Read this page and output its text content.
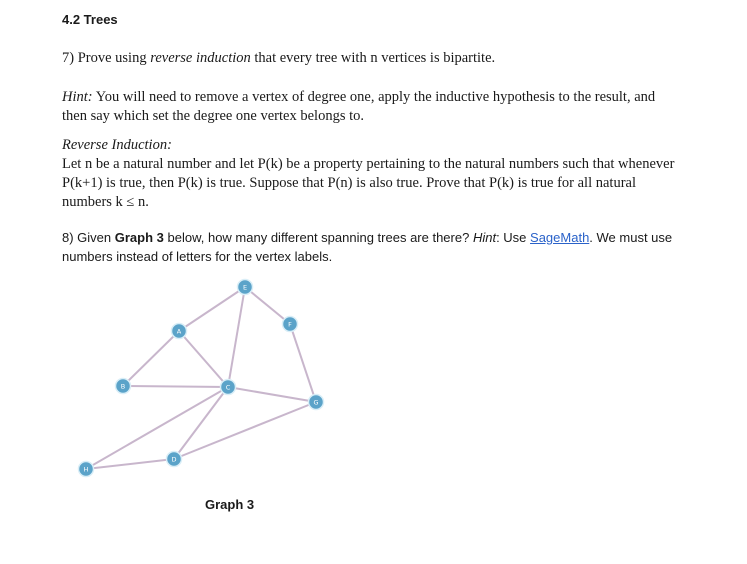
4.2 Trees

7) Prove using reverse induction that every tree with n vertices is bipartite.

Hint: You will need to remove a vertex of degree one, apply the inductive hypothesis to the result, and then say which set the degree one vertex belongs to.

Reverse Induction:
Let n be a natural number and let P(k) be a property pertaining to the natural numbers such that whenever P(k+1) is true, then P(k) is true. Suppose that P(n) is also true. Prove that P(k) is true for all natural numbers k ≤ n.

8) Given Graph 3 below, how many different spanning trees are there? Hint: Use SageMath. We must use numbers instead of letters for the vertex labels.

E
A
F
B	C
G
D
H
Graph 3
